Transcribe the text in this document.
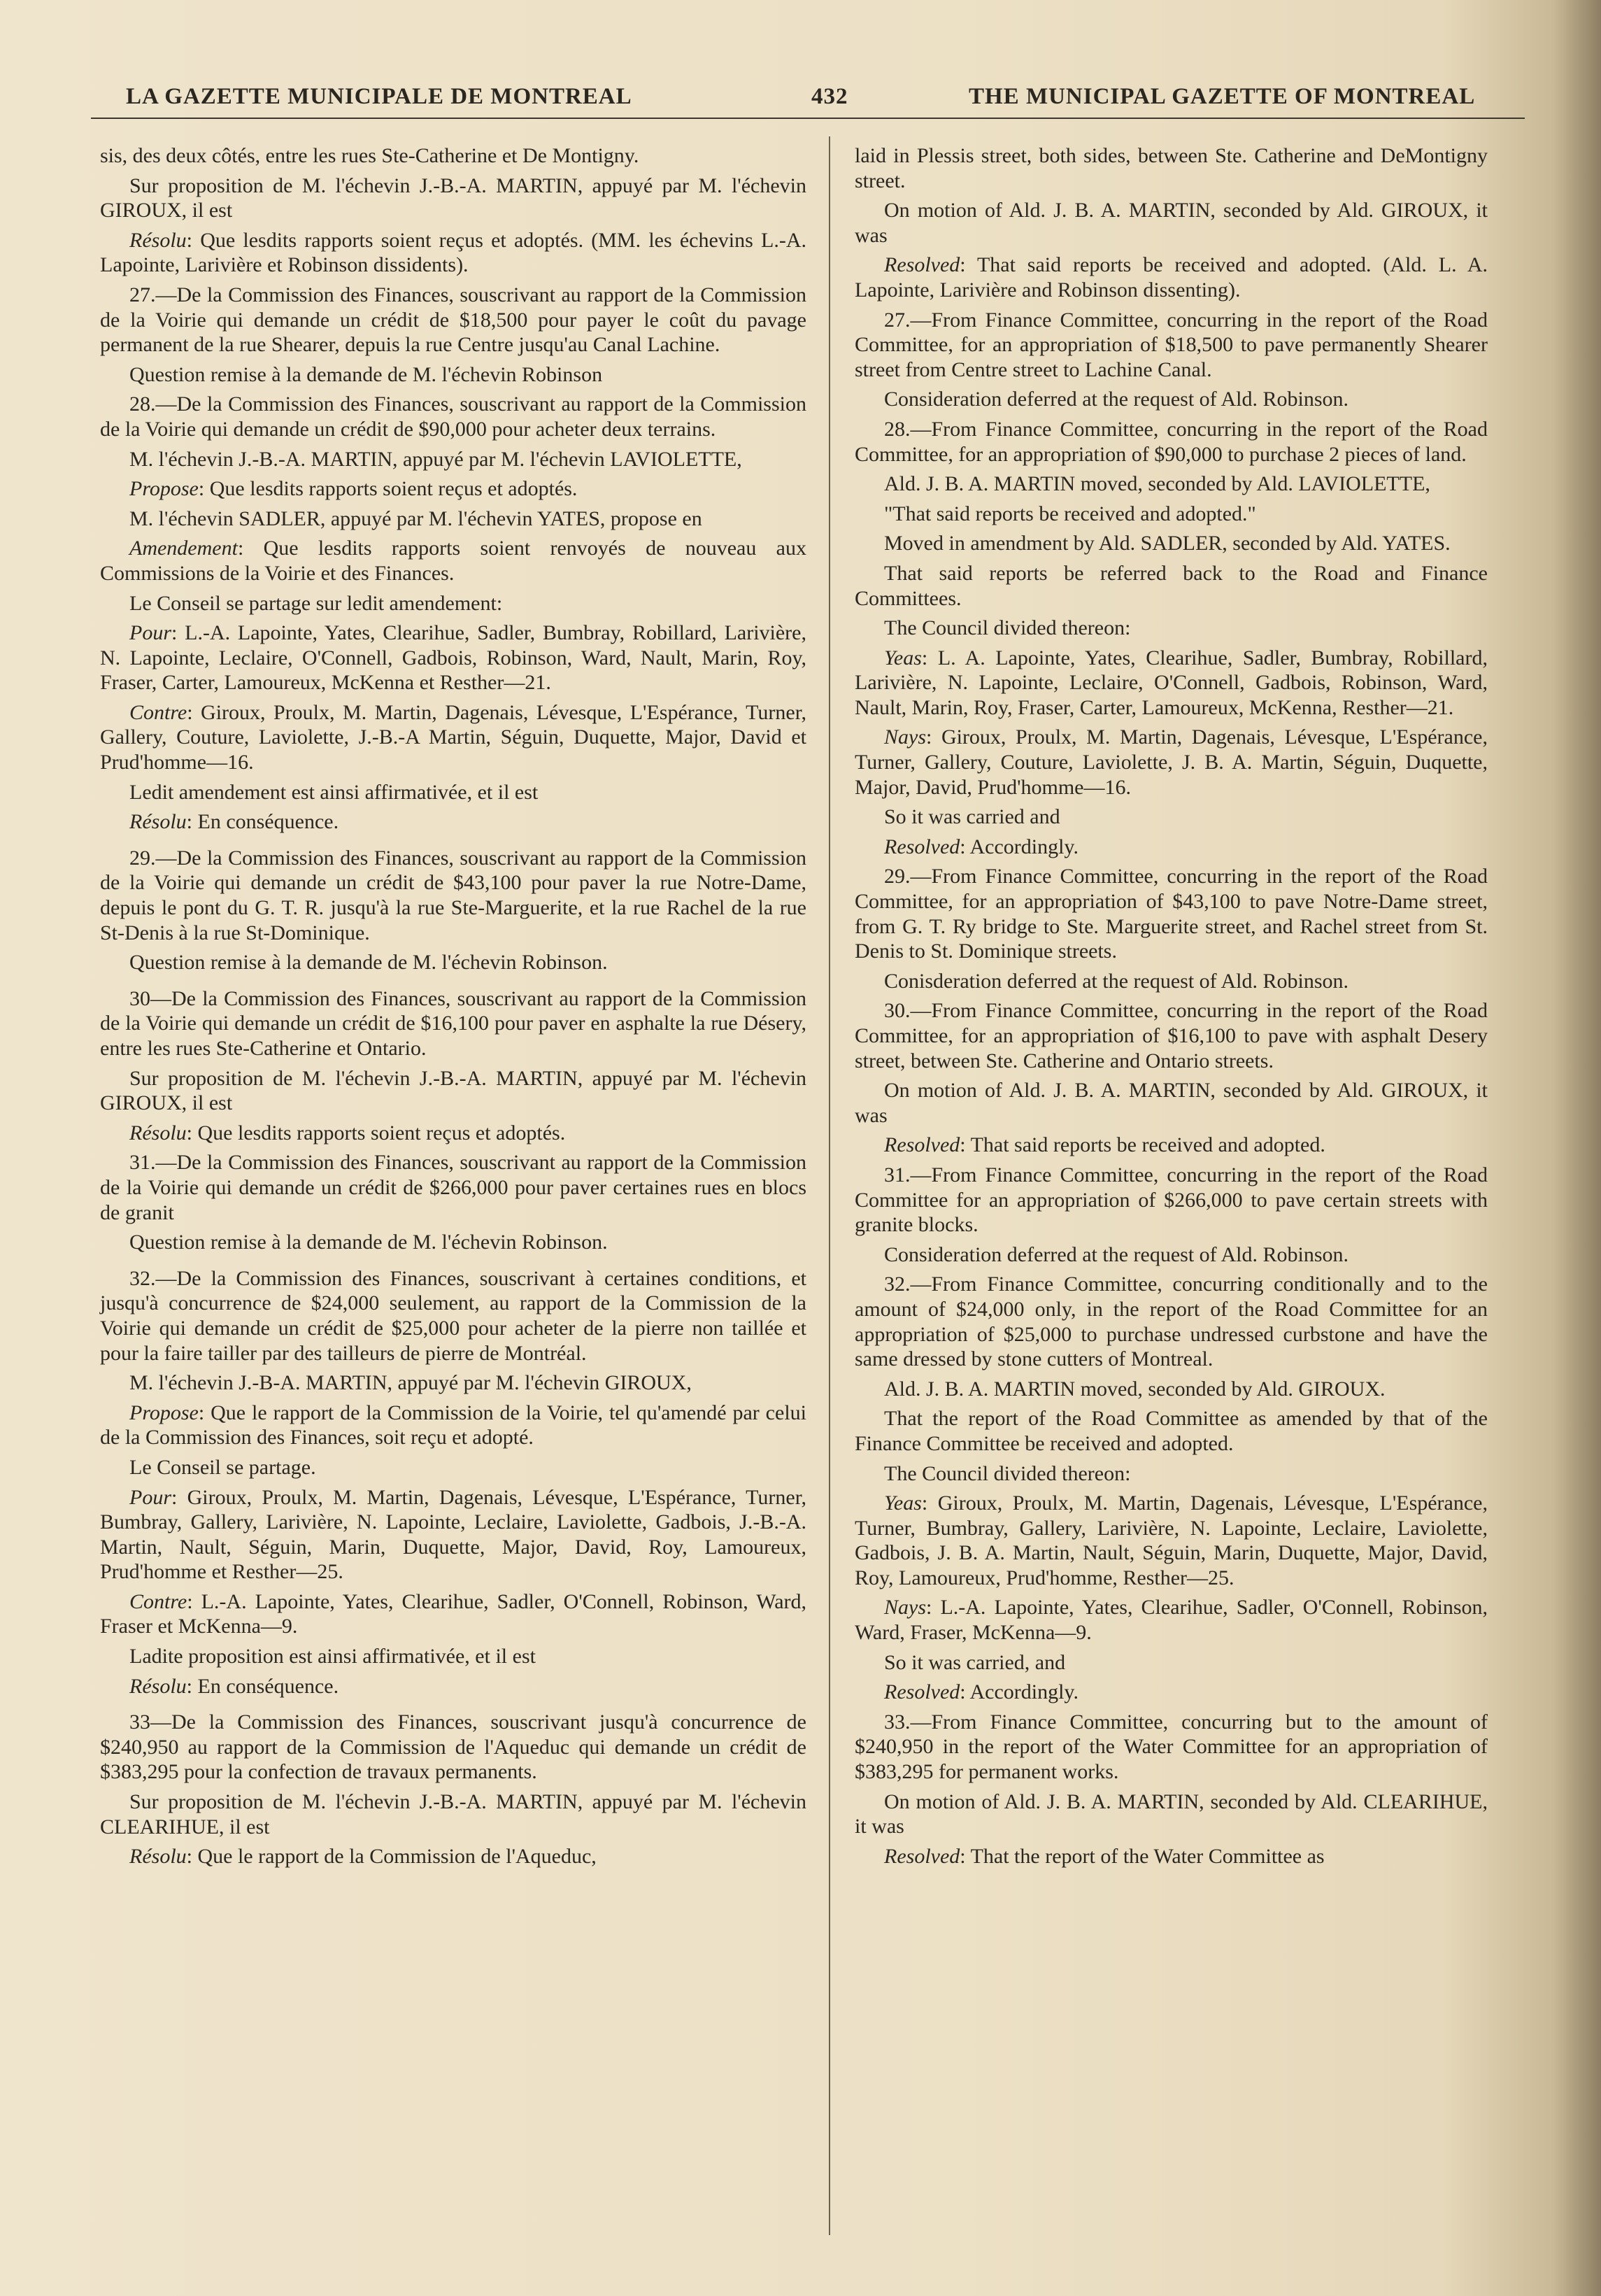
LA GAZETTE MUNICIPALE DE MONTREAL	432	THE MUNICIPAL GAZETTE OF MONTREAL

sis, des deux côtés, entre les rues Ste-Catherine et De Montigny.

Sur proposition de M. l'échevin J.-B.-A. MARTIN, appuyé par M. l'échevin GIROUX, il est

Résolu: Que lesdits rapports soient reçus et adoptés. (MM. les échevins L.-A. Lapointe, Larivière et Robinson dissidents).

27.—De la Commission des Finances, souscrivant au rapport de la Commission de la Voirie qui demande un crédit de $18,500 pour payer le coût du pavage permanent de la rue Shearer, depuis la rue Centre jusqu'au Canal Lachine.

Question remise à la demande de M. l'échevin Robinson

28.—De la Commission des Finances, souscrivant au rapport de la Commission de la Voirie qui demande un crédit de $90,000 pour acheter deux terrains.

M. l'échevin J.-B.-A. MARTIN, appuyé par M. l'échevin LAVIOLETTE,

Propose: Que lesdits rapports soient reçus et adoptés.

M. l'échevin SADLER, appuyé par M. l'échevin YATES, propose en

Amendement: Que lesdits rapports soient renvoyés de nouveau aux Commissions de la Voirie et des Finances.

Le Conseil se partage sur ledit amendement:

Pour: L.-A. Lapointe, Yates, Clearihue, Sadler, Bumbray, Robillard, Larivière, N. Lapointe, Leclaire, O'Connell, Gadbois, Robinson, Ward, Nault, Marin, Roy, Fraser, Carter, Lamoureux, McKenna et Resther—21.

Contre: Giroux, Proulx, M. Martin, Dagenais, Lévesque, L'Espérance, Turner, Gallery, Couture, Laviolette, J.-B.-A Martin, Séguin, Duquette, Major, David et Prud'homme—16.

Ledit amendement est ainsi affirmativée, et il est

Résolu: En conséquence.

29.—De la Commission des Finances, souscrivant au rapport de la Commission de la Voirie qui demande un crédit de $43,100 pour paver la rue Notre-Dame, depuis le pont du G. T. R. jusqu'à la rue Ste-Marguerite, et la rue Rachel de la rue St-Denis à la rue St-Dominique.

Question remise à la demande de M. l'échevin Robinson.

30—De la Commission des Finances, souscrivant au rapport de la Commission de la Voirie qui demande un crédit de $16,100 pour paver en asphalte la rue Désery, entre les rues Ste-Catherine et Ontario.

Sur proposition de M. l'échevin J.-B.-A. MARTIN, appuyé par M. l'échevin GIROUX, il est

Résolu: Que lesdits rapports soient reçus et adoptés.

31.—De la Commission des Finances, souscrivant au rapport de la Commission de la Voirie qui demande un crédit de $266,000 pour paver certaines rues en blocs de granit

Question remise à la demande de M. l'échevin Robinson.

32.—De la Commission des Finances, souscrivant à certaines conditions, et jusqu'à concurrence de $24,000 seulement, au rapport de la Commission de la Voirie qui demande un crédit de $25,000 pour acheter de la pierre non taillée et pour la faire tailler par des tailleurs de pierre de Montréal.

M. l'échevin J.-B-A. MARTIN, appuyé par M. l'échevin GIROUX,

Propose: Que le rapport de la Commission de la Voirie, tel qu'amendé par celui de la Commission des Finances, soit reçu et adopté.

Le Conseil se partage.

Pour: Giroux, Proulx, M. Martin, Dagenais, Lévesque, L'Espérance, Turner, Bumbray, Gallery, Larivière, N. Lapointe, Leclaire, Laviolette, Gadbois, J.-B.-A. Martin, Nault, Séguin, Marin, Duquette, Major, David, Roy, Lamoureux, Prud'homme et Resther—25.

Contre: L.-A. Lapointe, Yates, Clearihue, Sadler, O'Connell, Robinson, Ward, Fraser et McKenna—9.

Ladite proposition est ainsi affirmativée, et il est

Résolu: En conséquence.

33—De la Commission des Finances, souscrivant jusqu'à concurrence de $240,950 au rapport de la Commission de l'Aqueduc qui demande un crédit de $383,295 pour la confection de travaux permanents.

Sur proposition de M. l'échevin J.-B.-A. MARTIN, appuyé par M. l'échevin CLEARIHUE, il est

Résolu: Que le rapport de la Commission de l'Aqueduc,

laid in Plessis street, both sides, between Ste. Catherine and DeMontigny street.

On motion of Ald. J. B. A. MARTIN, seconded by Ald. GIROUX, it was

Resolved: That said reports be received and adopted. (Ald. L. A. Lapointe, Larivière and Robinson dissenting).

27.—From Finance Committee, concurring in the report of the Road Committee, for an appropriation of $18,500 to pave permanently Shearer street from Centre street to Lachine Canal.

Consideration deferred at the request of Ald. Robinson.

28.—From Finance Committee, concurring in the report of the Road Committee, for an appropriation of $90,000 to purchase 2 pieces of land.

Ald. J. B. A. MARTIN moved, seconded by Ald. LAVIOLETTE,

"That said reports be received and adopted."

Moved in amendment by Ald. SADLER, seconded by Ald. YATES.

That said reports be referred back to the Road and Finance Committees.

The Council divided thereon:

Yeas: L. A. Lapointe, Yates, Clearihue, Sadler, Bumbray, Robillard, Larivière, N. Lapointe, Leclaire, O'Connell, Gadbois, Robinson, Ward, Nault, Marin, Roy, Fraser, Carter, Lamoureux, McKenna, Resther—21.

Nays: Giroux, Proulx, M. Martin, Dagenais, Lévesque, L'Espérance, Turner, Gallery, Couture, Laviolette, J. B. A. Martin, Séguin, Duquette, Major, David, Prud'homme—16.

So it was carried and

Resolved: Accordingly.

29.—From Finance Committee, concurring in the report of the Road Committee, for an appropriation of $43,100 to pave Notre-Dame street, from G. T. Ry bridge to Ste. Marguerite street, and Rachel street from St. Denis to St. Dominique streets.

Conisderation deferred at the request of Ald. Robinson.

30.—From Finance Committee, concurring in the report of the Road Committee, for an appropriation of $16,100 to pave with asphalt Desery street, between Ste. Catherine and Ontario streets.

On motion of Ald. J. B. A. MARTIN, seconded by Ald. GIROUX, it was

Resolved: That said reports be received and adopted.

31.—From Finance Committee, concurring in the report of the Road Committee for an appropriation of $266,000 to pave certain streets with granite blocks.

Consideration deferred at the request of Ald. Robinson.

32.—From Finance Committee, concurring conditionally and to the amount of $24,000 only, in the report of the Road Committee for an appropriation of $25,000 to purchase undressed curbstone and have the same dressed by stone cutters of Montreal.

Ald. J. B. A. MARTIN moved, seconded by Ald. GIROUX.

That the report of the Road Committee as amended by that of the Finance Committee be received and adopted.

The Council divided thereon:

Yeas: Giroux, Proulx, M. Martin, Dagenais, Lévesque, L'Espérance, Turner, Bumbray, Gallery, Larivière, N. Lapointe, Leclaire, Laviolette, Gadbois, J. B. A. Martin, Nault, Séguin, Marin, Duquette, Major, David, Roy, Lamoureux, Prud'homme, Resther—25.

Nays: L.-A. Lapointe, Yates, Clearihue, Sadler, O'Connell, Robinson, Ward, Fraser, McKenna—9.

So it was carried, and

Resolved: Accordingly.

33.—From Finance Committee, concurring but to the amount of $240,950 in the report of the Water Committee for an appropriation of $383,295 for permanent works.

On motion of Ald. J. B. A. MARTIN, seconded by Ald. CLEARIHUE, it was

Resolved: That the report of the Water Committee as
